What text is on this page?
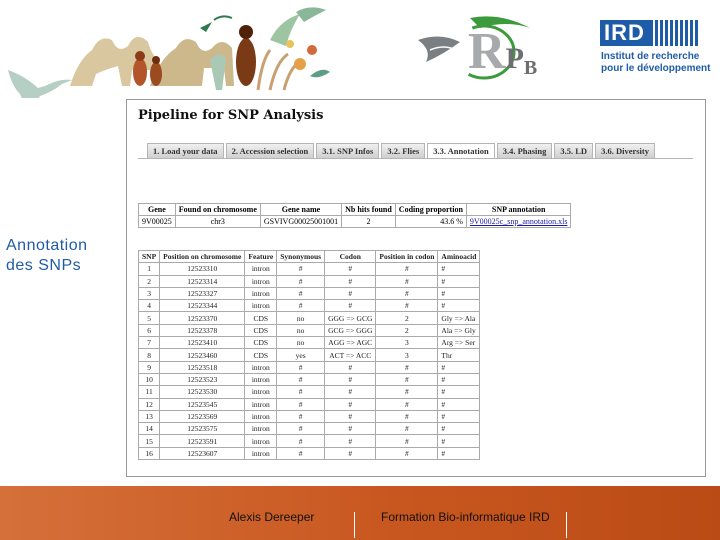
RPB
IRD
Institut de recherche
pour le développement
Annotation
des SNPs
Pipeline for SNP Analysis
1. Load your data	2. Accession selection	3.1. SNP Infos	3.2. Flies	3.3. Annotation	3.4. Phasing	3.5. LD	3.6. Diversity
Gene	Found on chromosome	Gene name	Nb hits found	Coding proportion	SNP annotation
9V00025	chr3	GSVIVG00025001001	2	43.6 %	9V00025c_snp_annotation.xls
SNP	Position on chromosome	Feature	Synonymous	Codon	Position in codon	Aminoacid
1	12523310	intron	#	#	#	#
2	12523314	intron	#	#	#	#
3	12523327	intron	#	#	#	#
4	12523344	intron	#	#	#	#
5	12523370	CDS	no	GGG => GCG	2	Gly => Ala
6	12523378	CDS	no	GCG => GGG	2	Ala => Gly
7	12523410	CDS	no	AGG => AGC	3	Arg => Ser
8	12523460	CDS	yes	ACT => ACC	3	Thr
9	12523518	intron	#	#	#	#
10	12523523	intron	#	#	#	#
11	12523530	intron	#	#	#	#
12	12523545	intron	#	#	#	#
13	12523569	intron	#	#	#	#
14	12523575	intron	#	#	#	#
15	12523591	intron	#	#	#	#
16	12523607	intron	#	#	#	#
Alexis Dereeper	Formation Bio-informatique IRD
